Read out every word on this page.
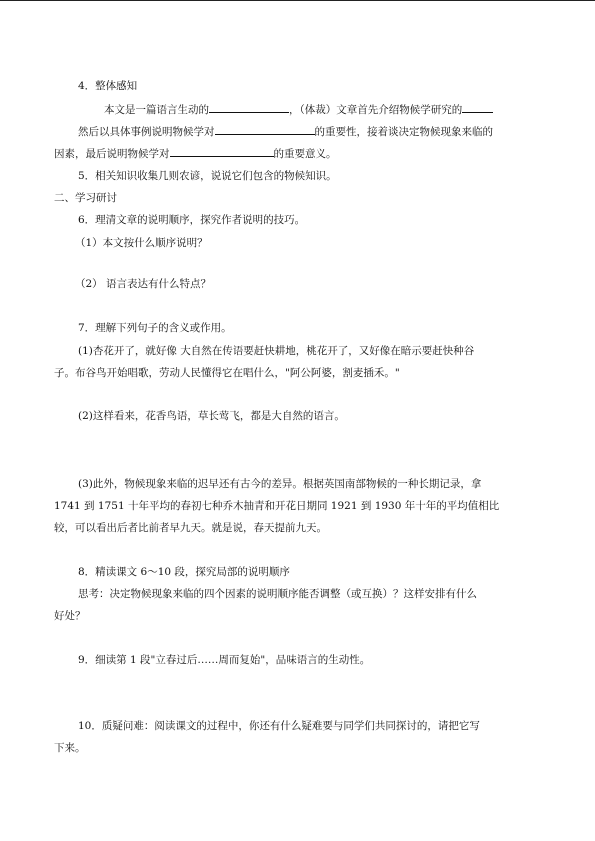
4．整体感知
本文是一篇语言生动的	，（体裁）文章首先介绍物候学研究的
然后以具体事例说明物候学对	的重要性，接着谈决定物候现象来临的
因素，最后说明物候学对	的重要意义。
5．相关知识收集几则农谚，说说它们包含的物候知识。
二、学习研讨
6．理清文章的说明顺序，探究作者说明的技巧。
（1）本文按什么顺序说明？
（2） 语言表达有什么特点？
7．理解下列句子的含义或作用。
(1)杏花开了，就好像 大自然在传语要赶快耕地，桃花开了，又好像在暗示要赶快种谷
子。布谷鸟开始唱歌，劳动人民懂得它在唱什么，"阿公阿婆，割麦插禾。"
(2)这样看来，花香鸟语，草长莺飞，都是大自然的语言。
(3)此外，物候现象来临的迟早还有古今的差异。根据英国南部物候的一种长期记录，拿
1741 到 1751 十年平均的春初七种乔木抽青和开花日期同 1921 到 1930 年十年的平均值相比
较，可以看出后者比前者早九天。就是说，春天提前九天。
8．精读课文 6～10 段，探究局部的说明顺序
思考：决定物候现象来临的四个因素的说明顺序能否调整（或互换）？这样安排有什么
好处？
9．细读第 1 段"立春过后……周而复始"，品味语言的生动性。
10．质疑问难：阅读课文的过程中，你还有什么疑难要与同学们共同探讨的，请把它写
下来。
